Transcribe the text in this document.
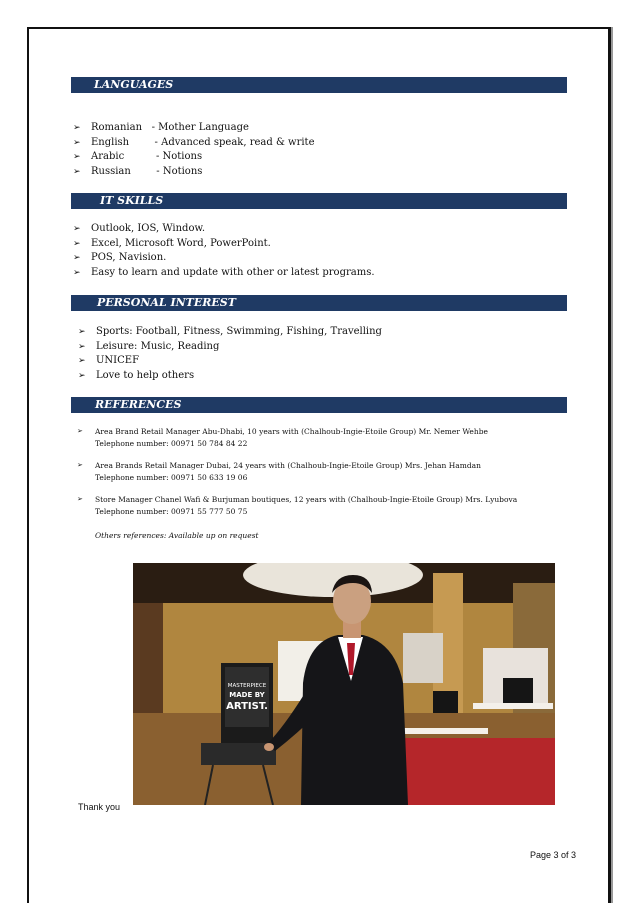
LANGUAGES
➢ Romanian   - Mother Language
➢ English        - Advanced speak, read & write
➢ Arabic          - Notions
➢ Russian        - Notions
IT SKILLS
➢ Outlook, IOS, Window.
➢ Excel, Microsoft Word, PowerPoint.
➢ POS, Navision.
➢ Easy to learn and update with other or latest programs.
PERSONAL INTEREST
➢ Sports: Football, Fitness, Swimming, Fishing, Travelling
➢ Leisure: Music, Reading
➢ UNICEF
➢ Love to help others
REFERENCES
➢ Area Brand Retail Manager Abu-Dhabi, 10 years with (Chalhoub-Ingie-Etoile Group) Mr. Nemer Wehbe
Telephone number: 00971 50 784 84 22
➢ Area Brands Retail Manager Dubai, 24 years with (Chalhoub-Ingie-Etoile Group) Mrs. Jehan Hamdan
Telephone number: 00971 50 633 19 06
➢ Store Manager Chanel Wafi & Burjuman boutiques, 12 years with (Chalhoub-Ingie-Etoile Group) Mrs. Lyubova
Telephone number: 00971 55 777 50 75
Others references: Available up on request
MASTERPIECE
MADE BY
ARTIST.
Thank you
Page 3 of 3
